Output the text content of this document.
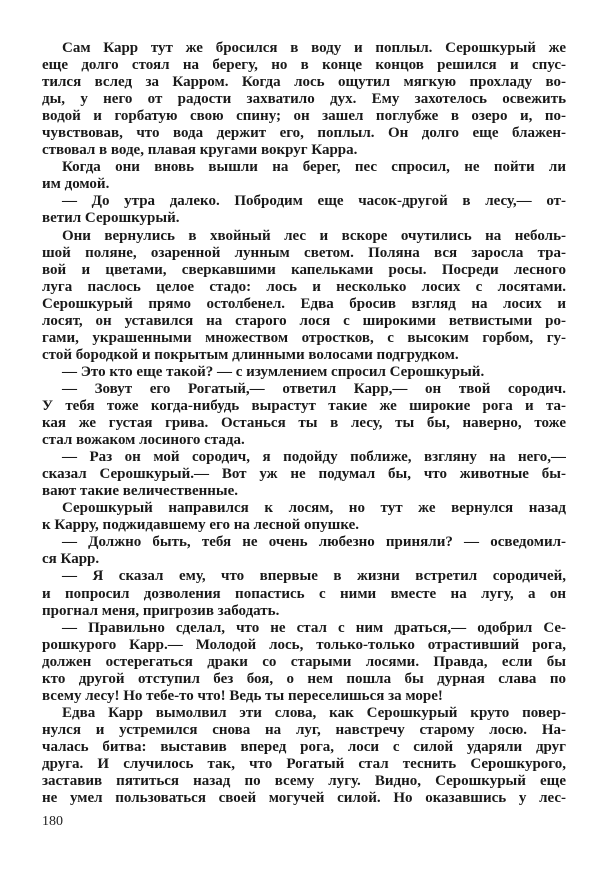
Сам Карр тут же бросился в воду и поплыл. Серошкурый же
еще долго стоял на берегу, но в конце концов решился и спус-
тился вслед за Карром. Когда лось ощутил мягкую прохладу во-
ды, у него от радости захватило дух. Ему захотелось освежить
водой и горбатую свою спину; он зашел поглубже в озеро и, по-
чувствовав, что вода держит его, поплыл. Он долго еще блажен-
ствовал в воде, плавая кругами вокруг Карра.
Когда они вновь вышли на берег, пес спросил, не пойти ли
им домой.
— До утра далеко. Побродим еще часок-другой в лесу,— от-
ветил Серошкурый.
Они вернулись в хвойный лес и вскоре очутились на неболь-
шой поляне, озаренной лунным светом. Поляна вся заросла тра-
вой и цветами, сверкавшими капельками росы. Посреди лесного
луга паслось целое стадо: лось и несколько лосих с лосятами.
Серошкурый прямо остолбенел. Едва бросив взгляд на лосих и
лосят, он уставился на старого лося с широкими ветвистыми ро-
гами, украшенными множеством отростков, с высоким горбом, гу-
стой бородкой и покрытым длинными волосами подгрудком.
— Это кто еще такой? — с изумлением спросил Серошкурый.
— Зовут его Рогатый,— ответил Карр,— он твой сородич.
У тебя тоже когда-нибудь вырастут такие же широкие рога и та-
кая же густая грива. Останься ты в лесу, ты бы, наверно, тоже
стал вожаком лосиного стада.
— Раз он мой сородич, я подойду поближе, взгляну на него,—
сказал Серошкурый.— Вот уж не подумал бы, что животные бы-
вают такие величественные.
Серошкурый направился к лосям, но тут же вернулся назад
к Карру, поджидавшему его на лесной опушке.
— Должно быть, тебя не очень любезно приняли? — осведомил-
ся Карр.
— Я сказал ему, что впервые в жизни встретил сородичей,
и попросил дозволения попастись с ними вместе на лугу, а он
прогнал меня, пригрозив забодать.
— Правильно сделал, что не стал с ним драться,— одобрил Се-
рошкурого Карр.— Молодой лось, только-только отрастивший рога,
должен остерегаться драки со старыми лосями. Правда, если бы
кто другой отступил без боя, о нем пошла бы дурная слава по
всему лесу! Но тебе-то что! Ведь ты переселишься за море!
Едва Карр вымолвил эти слова, как Серошкурый круто повер-
нулся и устремился снова на луг, навстречу старому лосю. На-
чалась битва: выставив вперед рога, лоси с силой ударяли друг
друга. И случилось так, что Рогатый стал теснить Серошкурого,
заставив пятиться назад по всему лугу. Видно, Серошкурый еще
не умел пользоваться своей могучей силой. Но оказавшись у лес-
180
